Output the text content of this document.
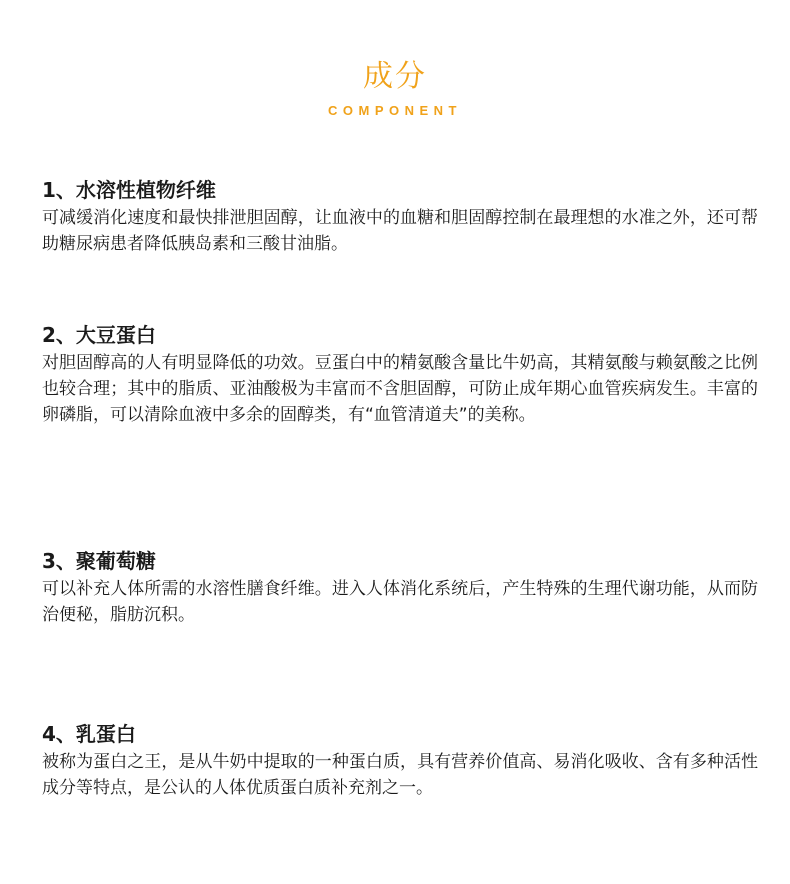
成分
COMPONENT
1、水溶性植物纤维

可减缓消化速度和最快排泄胆固醇，让血液中的血糖和胆固醇控制在最理想的水准之外，还可帮助糖尿病患者降低胰岛素和三酸甘油脂。

2、大豆蛋白

对胆固醇高的人有明显降低的功效。豆蛋白中的精氨酸含量比牛奶高，其精氨酸与赖氨酸之比例也较合理；其中的脂质、亚油酸极为丰富而不含胆固醇，可防止成年期心血管疾病发生。丰富的卵磷脂，可以清除血液中多余的固醇类，有“血管清道夫”的美称。

3、聚葡萄糖

可以补充人体所需的水溶性膳食纤维。进入人体消化系统后，产生特殊的生理代谢功能，从而防治便秘，脂肪沉积。

4、乳蛋白

被称为蛋白之王，是从牛奶中提取的一种蛋白质，具有营养价值高、易消化吸收、含有多种活性成分等特点，是公认的人体优质蛋白质补充剂之一。
